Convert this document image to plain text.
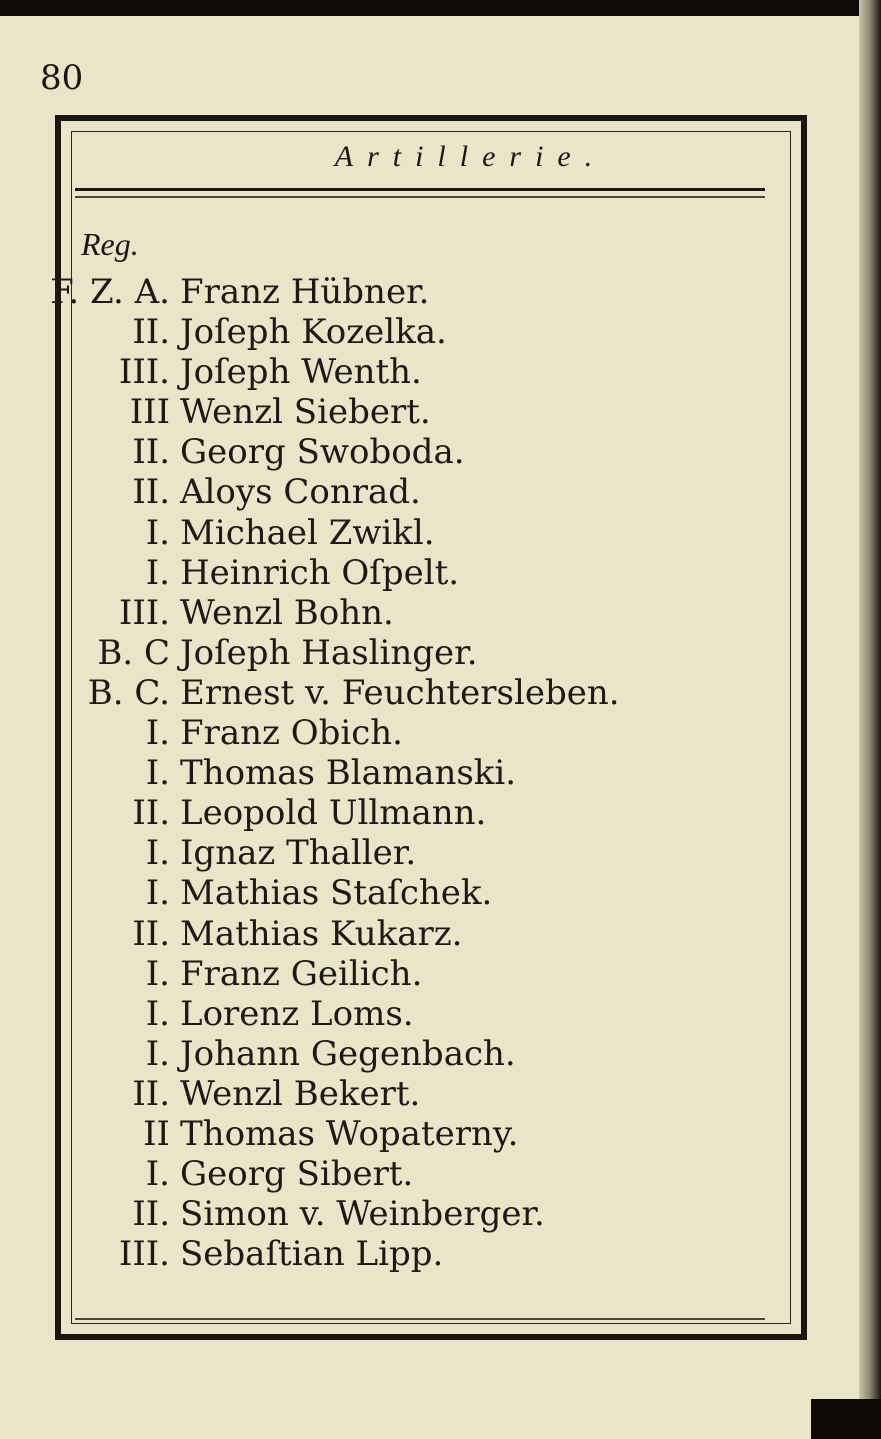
80
Artillerie.
Reg.
F. Z. A. Franz Hübner.
II. Joſeph Kozelka.
III. Joſeph Wenth.
III Wenzl Siebert.
II. Georg Swoboda.
II. Aloys Conrad.
I. Michael Zwikl.
I. Heinrich Oſpelt.
III. Wenzl Bohn.
B. C Joſeph Haslinger.
B. C. Ernest v. Feuchtersleben.
I. Franz Obich.
I. Thomas Blamanski.
II. Leopold Ullmann.
I. Ignaz Thaller.
I. Mathias Staſchek.
II. Mathias Kukarz.
I. Franz Geilich.
I. Lorenz Loms.
I. Johann Gegenbach.
II. Wenzl Bekert.
II Thomas Wopaterny.
I. Georg Sibert.
II. Simon v. Weinberger.
III. Sebaſtian Lipp.
